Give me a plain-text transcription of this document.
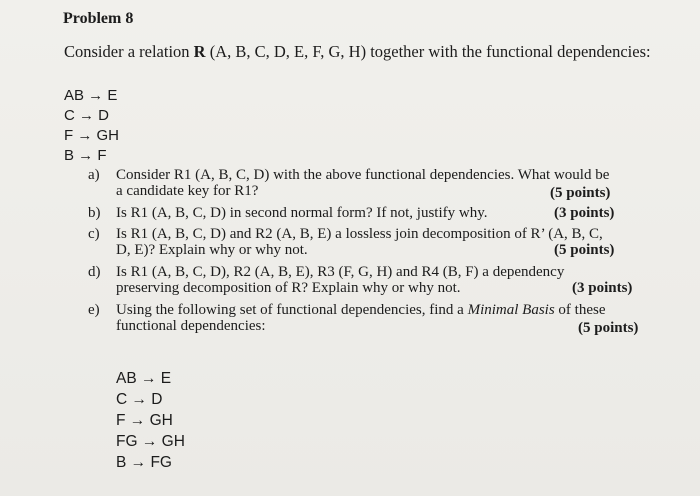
Problem 8
Consider a relation R (A, B, C, D, E, F, G, H) together with the functional dependencies:
AB → E
C → D
F → GH
B → F
a) Consider R1 (A, B, C, D) with the above functional dependencies. What would be
a candidate key for R1?	(5 points)
b) Is R1 (A, B, C, D) in second normal form? If not, justify why.	(3 points)
c) Is R1 (A, B, C, D) and R2 (A, B, E) a lossless join decomposition of R’ (A, B, C,
D, E)? Explain why or why not.	(5 points)
d) Is R1 (A, B, C, D), R2 (A, B, E), R3 (F, G, H) and R4 (B, F) a dependency
preserving decomposition of R? Explain why or why not.	(3 points)
e) Using the following set of functional dependencies, find a Minimal Basis of these
functional dependencies:	(5 points)
AB → E
C → D
F → GH
FG → GH
B → FG
